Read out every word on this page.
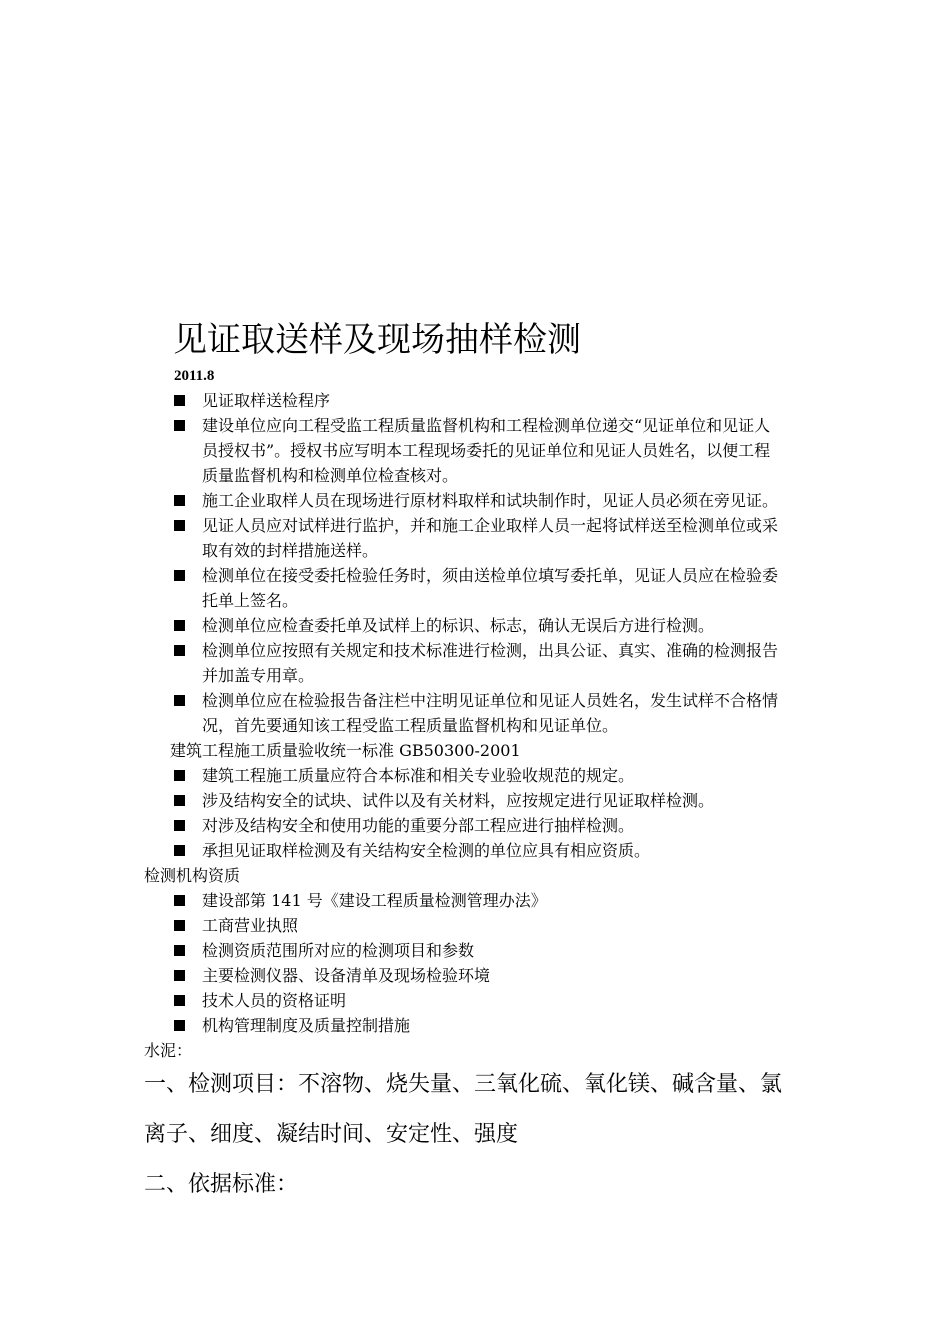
见证取送样及现场抽样检测
2011.8
见证取样送检程序
建设单位应向工程受监工程质量监督机构和工程检测单位递交“见证单位和见证人
员授权书”。授权书应写明本工程现场委托的见证单位和见证人员姓名，以便工程
质量监督机构和检测单位检查核对。
施工企业取样人员在现场进行原材料取样和试块制作时，见证人员必须在旁见证。
见证人员应对试样进行监护，并和施工企业取样人员一起将试样送至检测单位或采
取有效的封样措施送样。
检测单位在接受委托检验任务时，须由送检单位填写委托单，见证人员应在检验委
托单上签名。
检测单位应检查委托单及试样上的标识、标志，确认无误后方进行检测。
检测单位应按照有关规定和技术标准进行检测，出具公证、真实、准确的检测报告
并加盖专用章。
检测单位应在检验报告备注栏中注明见证单位和见证人员姓名，发生试样不合格情
况，首先要通知该工程受监工程质量监督机构和见证单位。
建筑工程施工质量验收统一标准 GB50300-2001
建筑工程施工质量应符合本标准和相关专业验收规范的规定。
涉及结构安全的试块、试件以及有关材料，应按规定进行见证取样检测。
对涉及结构安全和使用功能的重要分部工程应进行抽样检测。
承担见证取样检测及有关结构安全检测的单位应具有相应资质。
检测机构资质
建设部第 141 号《建设工程质量检测管理办法》
工商营业执照
检测资质范围所对应的检测项目和参数
主要检测仪器、设备清单及现场检验环境
技术人员的资格证明
机构管理制度及质量控制措施
水泥：
一、检测项目：不溶物、烧失量、三氧化硫、氧化镁、碱含量、氯
离子、细度、凝结时间、安定性、强度
二、依据标准：
